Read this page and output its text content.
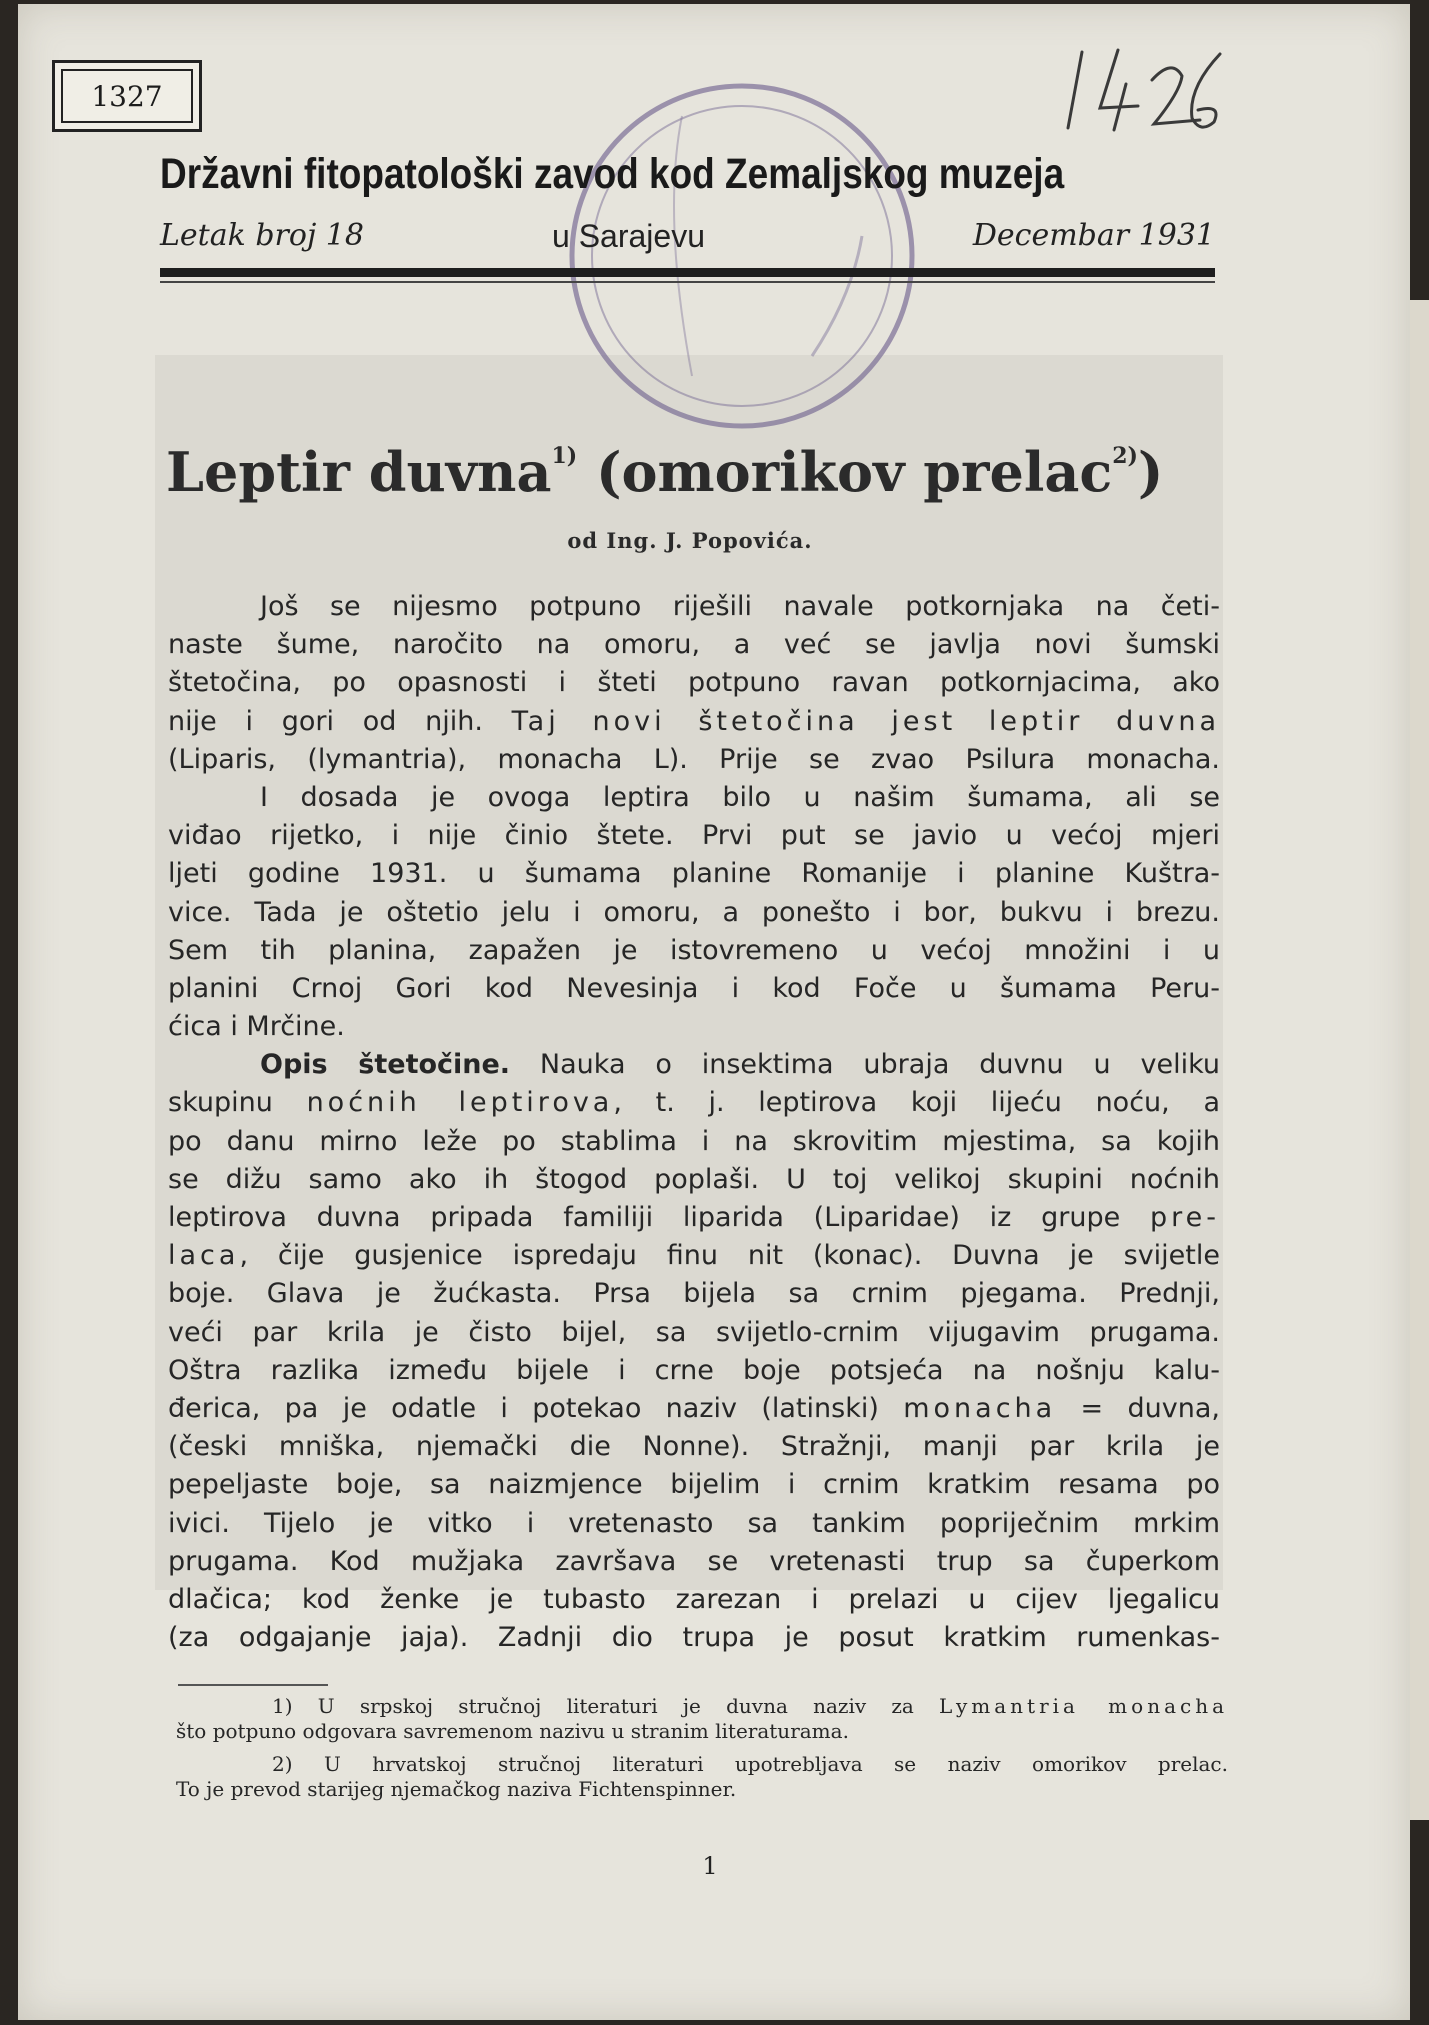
1327
Državni fitopatološki zavod kod Zemaljskog muzeja
Letak broj 18	u Sarajevu	Decembar 1931
Leptir duvna$^{1)}$ (omorikov prelac$^{2)}$)
od Ing. J. Popovića.
Još se nijesmo potpuno riješili navale potkornjaka na četi-
naste šume, naročito na omoru, a već se javlja novi šumski
štetočina, po opasnosti i šteti potpuno ravan potkornjacima, ako
nije i gori od njih. Taj novi štetočina jest leptir duvna
(Liparis, (lymantria), monacha L). Prije se zvao Psilura monacha.
I dosada je ovoga leptira bilo u našim šumama, ali se
viđao rijetko, i nije činio štete. Prvi put se javio u većoj mjeri
ljeti godine 1931. u šumama planine Romanije i planine Kuštra-
vice. Tada je oštetio jelu i omoru, a ponešto i bor, bukvu i brezu.
Sem tih planina, zapažen je istovremeno u većoj množini i u
planini Crnoj Gori kod Nevesinja i kod Foče u šumama Peru-
ćica i Mrčine.
Opis štetočine. Nauka o insektima ubraja duvnu u veliku
skupinu noćnih leptirova, t. j. leptirova koji lijeću noću, a
po danu mirno leže po stablima i na skrovitim mjestima, sa kojih
se dižu samo ako ih štogod poplaši. U toj velikoj skupini noćnih
leptirova duvna pripada familiji liparida (Liparidae) iz grupe pre-
laca, čije gusjenice ispredaju finu nit (konac). Duvna je svijetle
boje. Glava je žućkasta. Prsa bijela sa crnim pjegama. Prednji,
veći par krila je čisto bijel, sa svijetlo-crnim vijugavim prugama.
Oštra razlika između bijele i crne boje potsjeća na nošnju kalu-
đerica, pa je odatle i potekao naziv (latinski) monacha = duvna,
(česki mniška, njemački die Nonne). Stražnji, manji par krila je
pepeljaste boje, sa naizmjence bijelim i crnim kratkim resama po
ivici. Tijelo je vitko i vretenasto sa tankim popriječnim mrkim
prugama. Kod mužjaka završava se vretenasti trup sa čuperkom
dlačica; kod ženke je tubasto zarezan i prelazi u cijev ljegalicu
(za odgajanje jaja). Zadnji dio trupa je posut kratkim rumenkas-
1) U srpskoj stručnoj literaturi je duvna naziv za Lymantria monacha
što potpuno odgovara savremenom nazivu u stranim literaturama.
2) U hrvatskoj stručnoj literaturi upotrebljava se naziv omorikov prelac.
To je prevod starijeg njemačkog naziva Fichtenspinner.
1
